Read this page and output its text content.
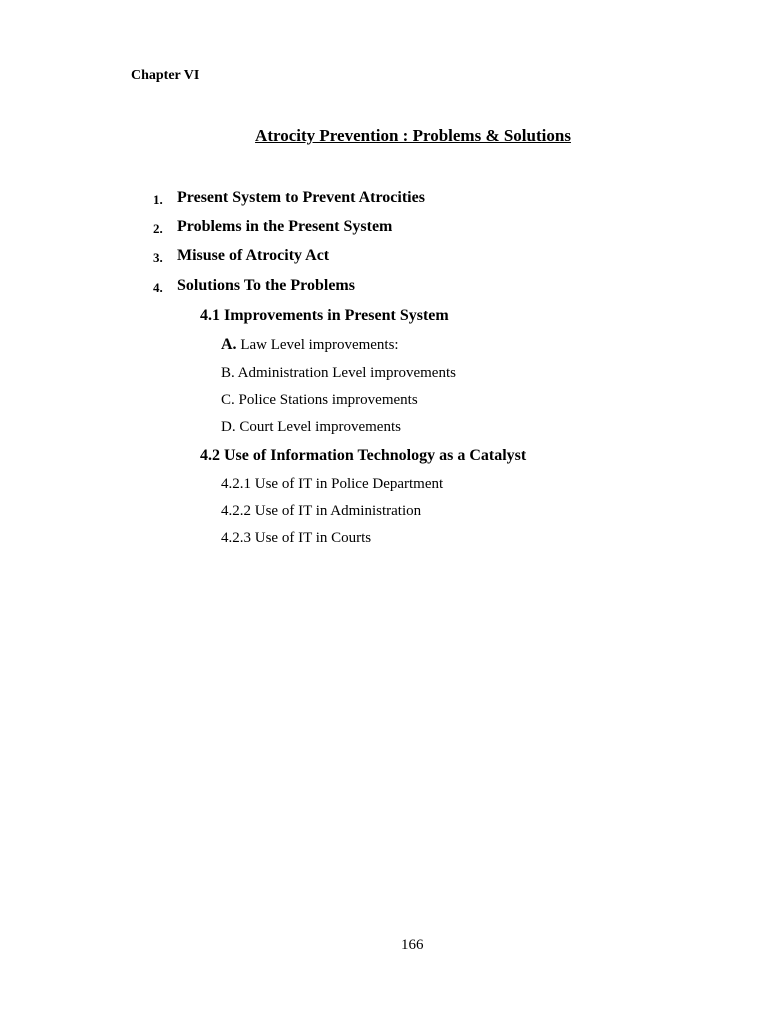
Chapter VI
Atrocity Prevention : Problems & Solutions
1. Present System to Prevent Atrocities
2. Problems in the Present System
3. Misuse of Atrocity Act
4. Solutions To the Problems
4.1 Improvements in Present System
A. Law Level improvements:
B. Administration Level improvements
C. Police Stations improvements
D. Court Level improvements
4.2 Use of Information Technology as a Catalyst
4.2.1 Use of IT in Police Department
4.2.2 Use of IT in Administration
4.2.3 Use of IT in Courts
166
